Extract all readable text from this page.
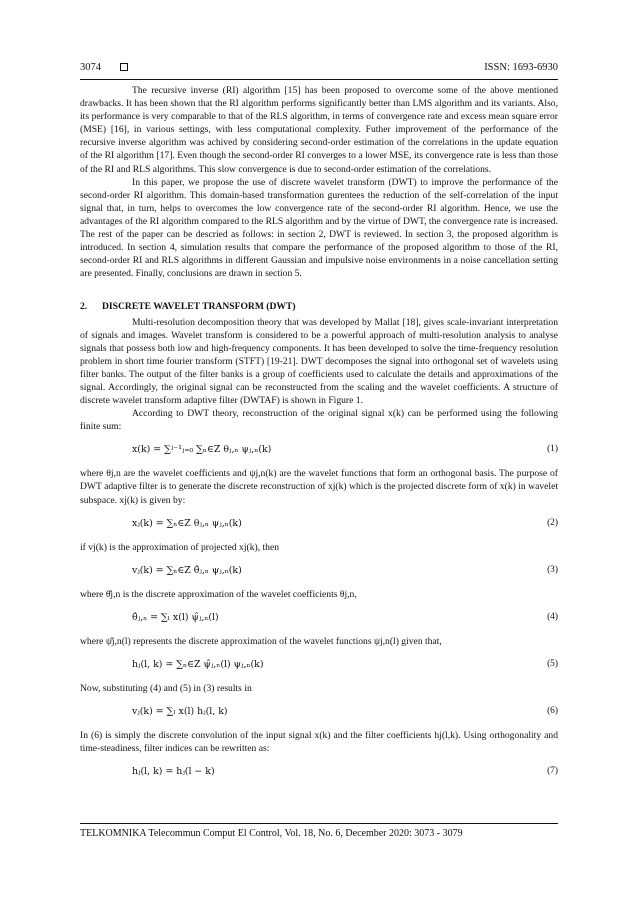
3074	ISSN: 1693-6930

The recursive inverse (RI) algorithm [15] has been proposed to overcome some of the above mentioned drawbacks. It has been shown that the RI algorithm performs significantly better than LMS algorithm and its variants. Also, its performance is very comparable to that of the RLS algorithm, in terms of convergence rate and excess mean square error (MSE) [16], in various settings, with less computational complexity. Futher improvement of the performance of the recursive inverse algorithm was achived by considering second-order estimation of the correlations in the update equation of the RI algorithm [17]. Even though the second-order RI converges to a lower MSE, its convergence rate is less than those of the RI and RLS algorithms. This slow convergence is due to second-order estimation of the correlations.

In this paper, we propose the use of discrete wavelet transform (DWT) to improve the performance of the second-order RI algorithm. This domain-based transformation gurentees the reduction of the self-correlation of the input signal that, in turn, helps to overcomes the low convergence rate of the second-order RI algorithm. Hence, we use the advantages of the RI algorithm compared to the RLS algorithm and by the virtue of DWT, the convergence rate is increased. The rest of the paper can be descried as follows: in section 2, DWT is reviewed. In section 3, the proposed algorithm is introduced. In section 4, simulation results that compare the performance of the proposed algorithm to those of the RI, second-order RI and RLS algorithms in different Gaussian and impulsive noise environments in a noise cancellation setting are presented. Finally, conclusions are drawn in section 5.

2. DISCRETE WAVELET TRANSFORM (DWT)

Multi-resolution decomposition theory that was developed by Mallat [18], gives scale-invariant interpretation of signals and images. Wavelet transform is considered to be a powerful approach of multi-resolution analysis to analyse signals that possess both low and high-frequency components. It has been developed to solve the time-frequency resolution problem in short time fourier transform (STFT) [19-21]. DWT decomposes the signal into orthogonal set of wavelets using filter banks. The output of the filter banks is a group of coefficients used to calculate the details and approximations of the signal. Accordingly, the original signal can be reconstructed from the scaling and the wavelet coefficients. A structure of discrete wavelet transform adaptive filter (DWTAF) is shown in Figure 1.

According to DWT theory, reconstruction of the original signal x(k) can be performed using the following finite sum:

x(k) = ∑ʲ⁻¹ⱼ₌₀ ∑ₙ∈Z θⱼ,ₙ ψⱼ,ₙ(k)	(1)

where θj,n are the wavelet coefficients and ψj,n(k) are the wavelet functions that form an orthogonal basis. The purpose of DWT adaptive filter is to generate the discrete reconstruction of xj(k) which is the projected discrete form of x(k) in wavelet subspace. xj(k) is given by:

xⱼ(k) = ∑ₙ∈Z θⱼ,ₙ ψⱼ,ₙ(k)	(2)

if vj(k) is the approximation of projected xj(k), then

vⱼ(k) = ∑ₙ∈Z θ̂ⱼ,ₙ ψⱼ,ₙ(k)	(3)

where θ̂j,n is the discrete approximation of the wavelet coefficients θj,n,

θ̂ⱼ,ₙ = ∑ₗ x(l) ψ̂ⱼ,ₙ(l)	(4)

where ψ̂j,n(l) represents the discrete approximation of the wavelet functions ψj,n(l) given that,

hⱼ(l, k) = ∑ₙ∈Z ψ̂ⱼ,ₙ(l) ψⱼ,ₙ(k)	(5)

Now, substituting (4) and (5) in (3) results in

vⱼ(k) = ∑ₗ x(l) hⱼ(l, k)	(6)

In (6) is simply the discrete convolution of the input signal x(k) and the filter coefficients hj(l,k). Using orthogonality and time-steadiness, filter indices can be rewritten as:

hⱼ(l, k) = hⱼ(l − k)	(7)
TELKOMNIKA Telecommun Comput El Control, Vol. 18, No. 6, December 2020: 3073 - 3079
